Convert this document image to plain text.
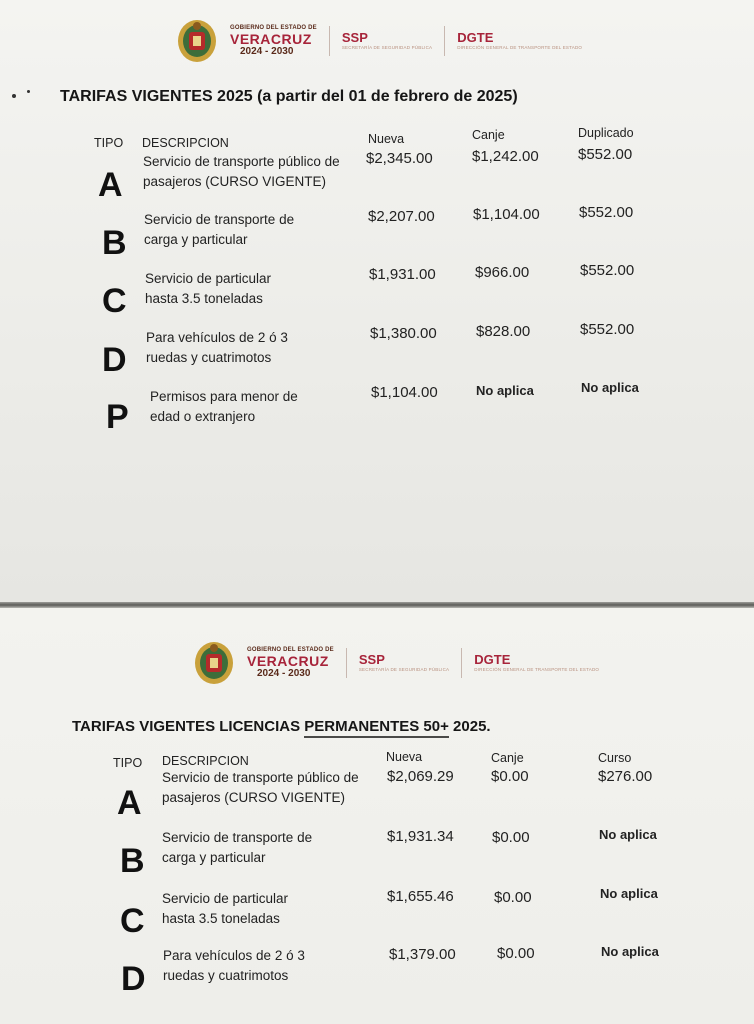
GOBIERNO DEL ESTADO DE
VERACRUZ
2024 - 2030
SSP
SECRETARÍA DE SEGURIDAD PÚBLICA
DGTE
DIRECCIÓN GENERAL DE TRANSPORTE DEL ESTADO
TARIFAS VIGENTES 2025 (a partir del 01 de febrero de 2025)
TIPO DESCRIPCION	Nueva	Canje	Duplicado
A
Servicio de transporte público de pasajeros (CURSO VIGENTE)
$2,345.00	$1,242.00	$552.00
B
Servicio de transporte de carga y particular
$2,207.00	$1,104.00	$552.00
C
Servicio de particular hasta 3.5 toneladas
$1,931.00	$966.00	$552.00
D
Para vehículos de 2 ó 3 ruedas y cuatrimotos
$1,380.00	$828.00	$552.00
P
Permisos para menor de edad o extranjero
$1,104.00	No aplica	No aplica
GOBIERNO DEL ESTADO DE
VERACRUZ
2024 - 2030
SSP
SECRETARÍA DE SEGURIDAD PÚBLICA
DGTE
DIRECCIÓN GENERAL DE TRANSPORTE DEL ESTADO
TARIFAS VIGENTES LICENCIAS PERMANENTES 50+ 2025.
TIPO DESCRIPCION	Nueva	Canje	Curso
A
Servicio de transporte público de pasajeros (CURSO VIGENTE)
$2,069.29 $0.00	$276.00
B
Servicio de transporte de carga y particular
$1,931.34	$0.00	No aplica
C
Servicio de particular hasta 3.5 toneladas
$1,655.46	$0.00	No aplica
D
Para vehículos de 2 ó 3 ruedas y cuatrimotos
$1,379.00	$0.00	No aplica
